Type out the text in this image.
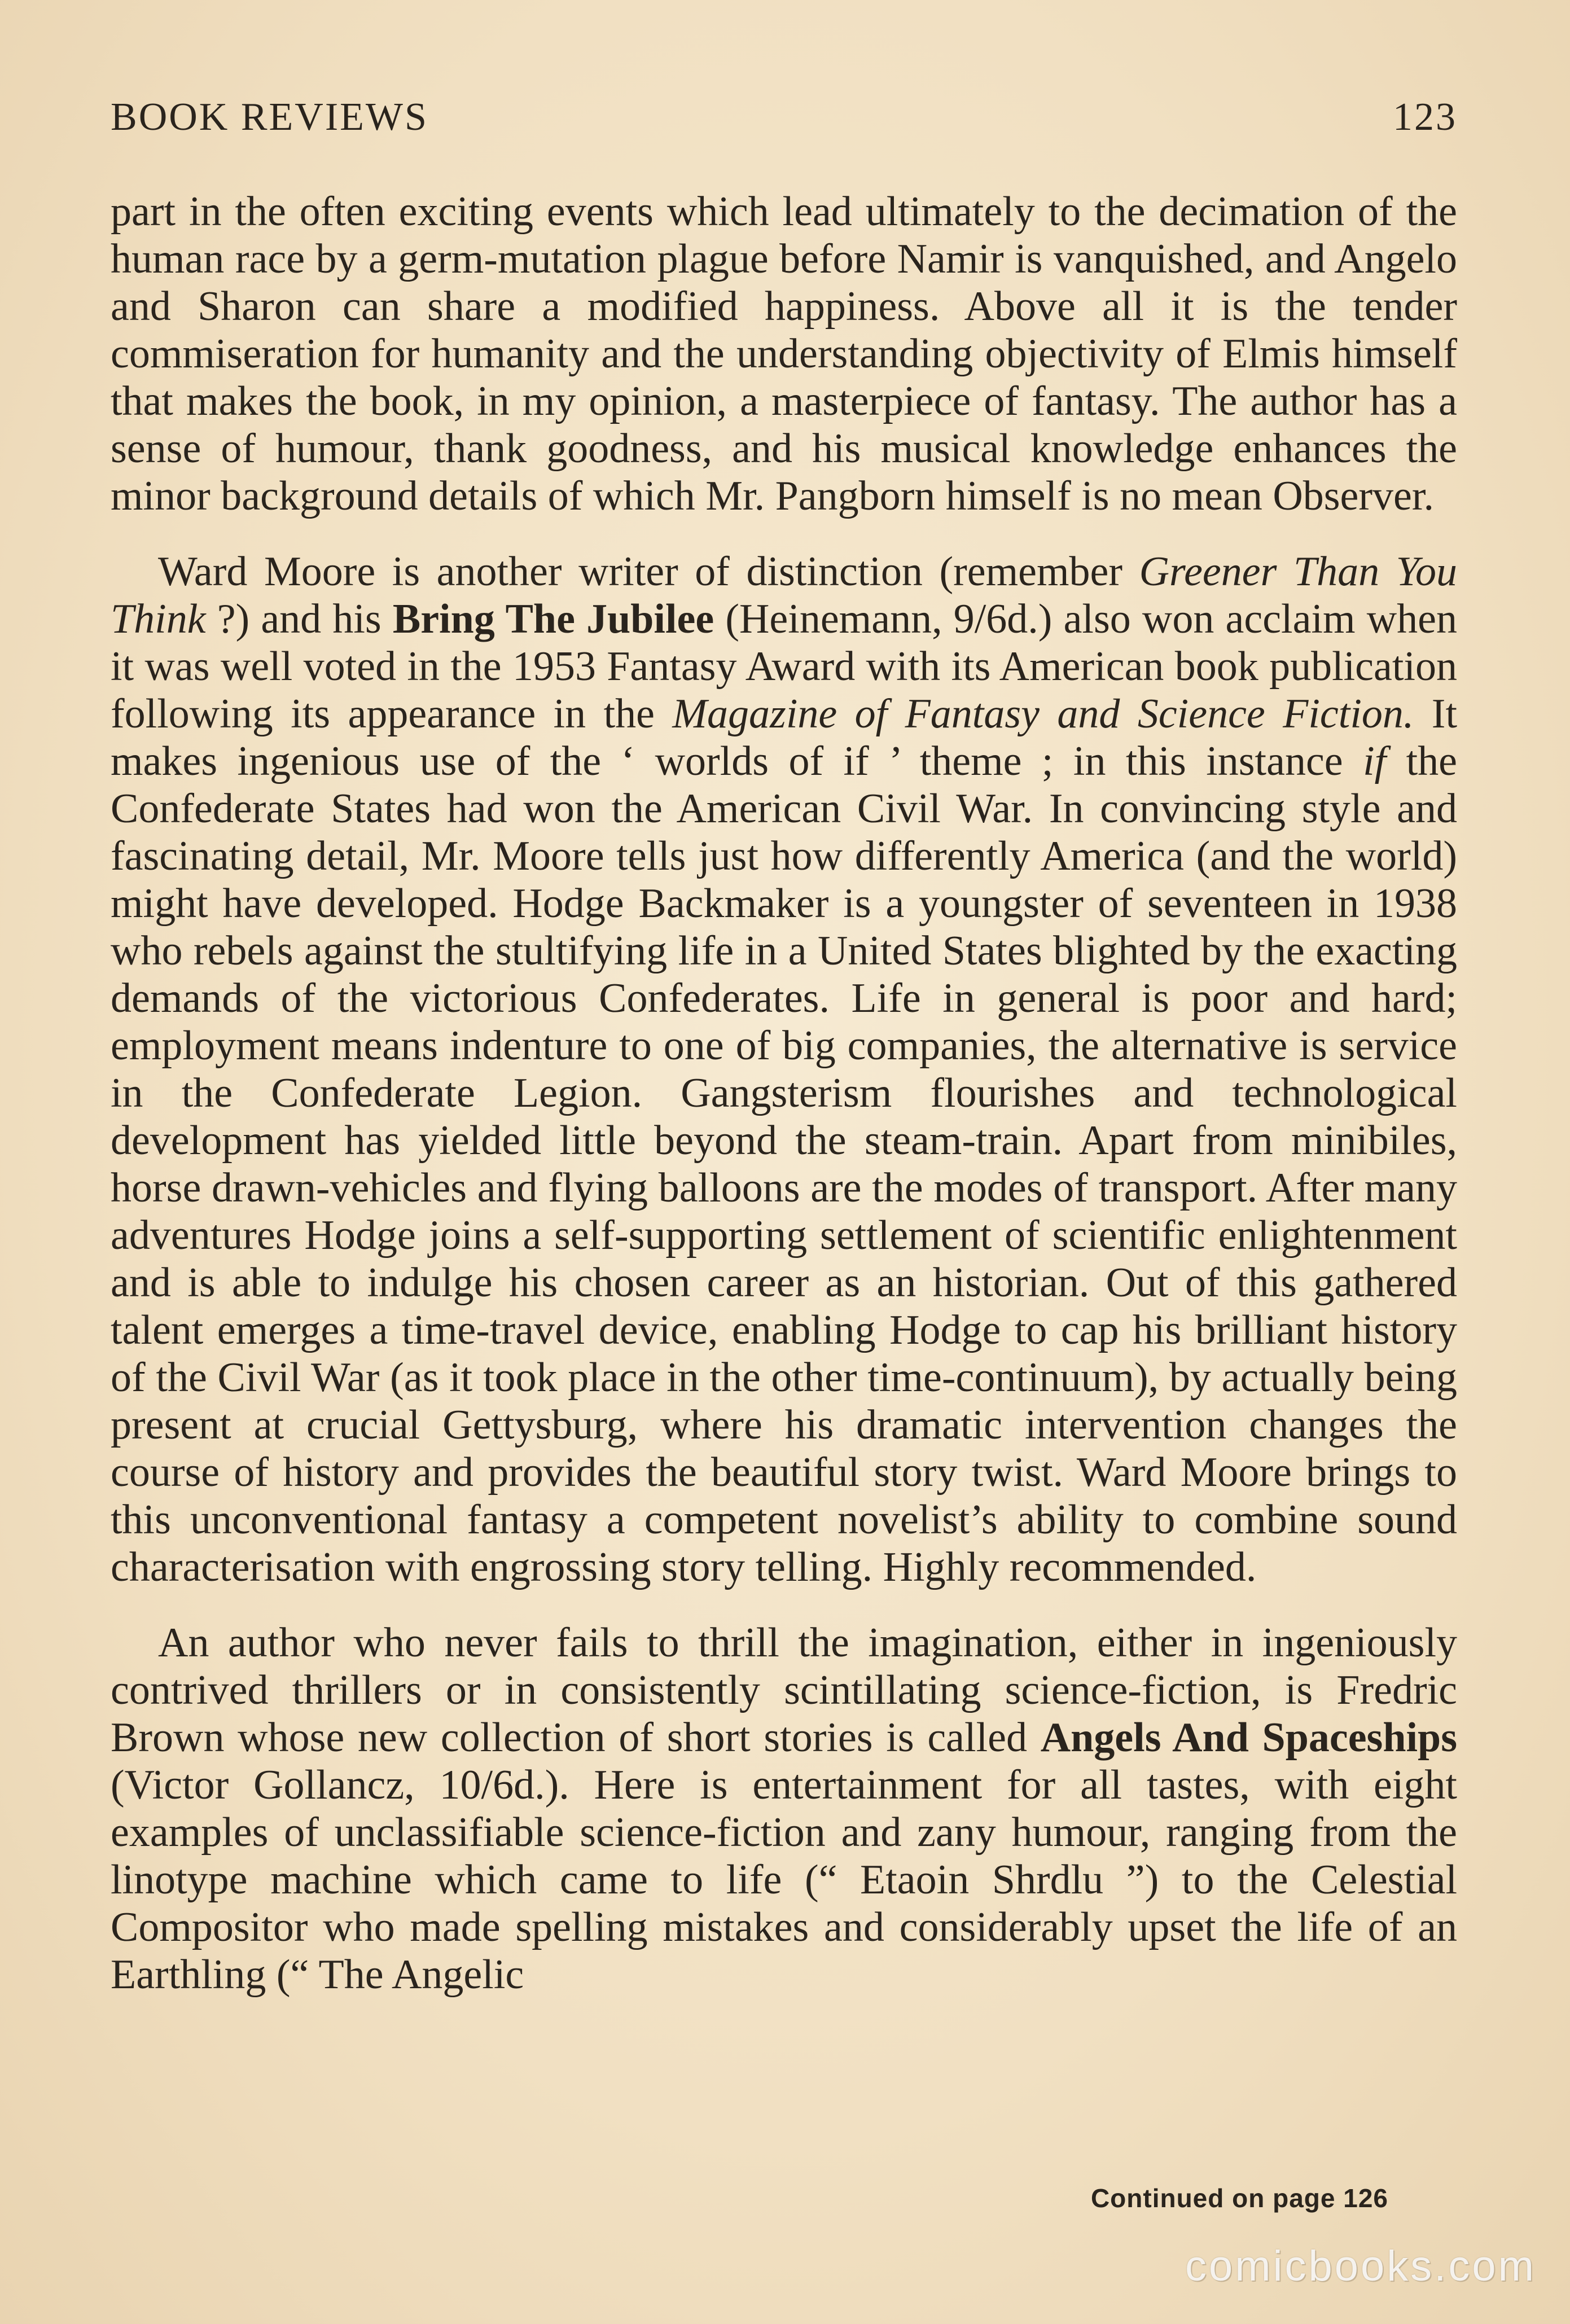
BOOK REVIEWS	123

part in the often exciting events which lead ultimately to the decimation of the human race by a germ-mutation plague before Namir is vanquished, and Angelo and Sharon can share a modified happiness. Above all it is the tender commiseration for humanity and the understanding objectivity of Elmis himself that makes the book, in my opinion, a masterpiece of fantasy. The author has a sense of humour, thank goodness, and his musical knowledge enhances the minor background details of which Mr. Pangborn himself is no mean Observer.

Ward Moore is another writer of distinction (remember Greener Than You Think ?) and his Bring The Jubilee (Heinemann, 9/6d.) also won acclaim when it was well voted in the 1953 Fantasy Award with its American book publication following its appearance in the Magazine of Fantasy and Science Fiction. It makes ingenious use of the ‘ worlds of if ’ theme ; in this instance if the Confederate States had won the American Civil War. In convincing style and fascinating detail, Mr. Moore tells just how differently America (and the world) might have developed. Hodge Backmaker is a youngster of seventeen in 1938 who rebels against the stultifying life in a United States blighted by the exacting demands of the victorious Confederates. Life in general is poor and hard; employment means indenture to one of big companies, the alternative is service in the Confederate Legion. Gangsterism flourishes and technological development has yielded little beyond the steam-train. Apart from minibiles, horse drawn-vehicles and flying balloons are the modes of transport. After many adventures Hodge joins a self-supporting settlement of scientific enlightenment and is able to indulge his chosen career as an historian. Out of this gathered talent emerges a time-travel device, enabling Hodge to cap his brilliant history of the Civil War (as it took place in the other time-continuum), by actually being present at crucial Gettysburg, where his dramatic intervention changes the course of history and provides the beautiful story twist. Ward Moore brings to this unconventional fantasy a competent novelist’s ability to combine sound characterisation with engrossing story telling. Highly recommended.

An author who never fails to thrill the imagination, either in ingeniously contrived thrillers or in consistently scintillating science-fiction, is Fredric Brown whose new collection of short stories is called Angels And Spaceships (Victor Gollancz, 10/6d.). Here is entertainment for all tastes, with eight examples of unclassifiable science-fiction and zany humour, ranging from the linotype machine which came to life (“ Etaoin Shrdlu ”) to the Celestial Compositor who made spelling mistakes and considerably upset the life of an Earthling (“ The Angelic

Continued on page 126
comicbooks.com
